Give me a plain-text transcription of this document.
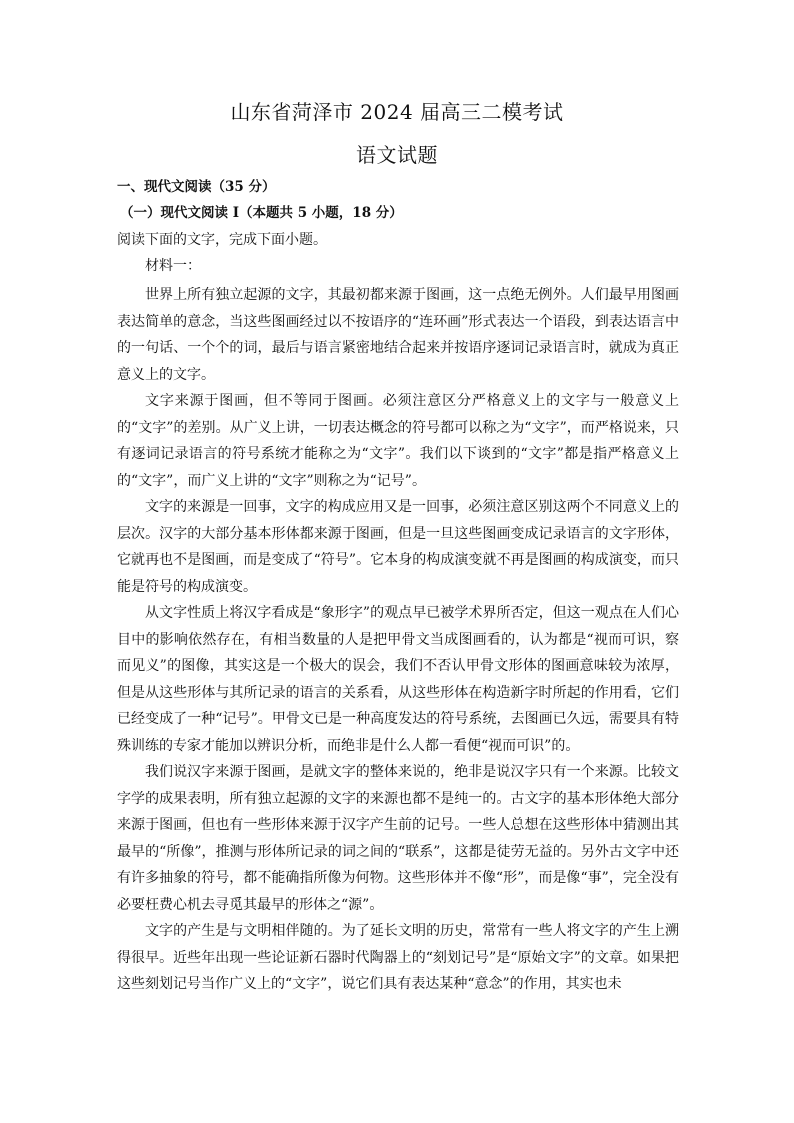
山东省菏泽市 2024 届高三二模考试
语文试题
一、现代文阅读（35 分）
（一）现代文阅读 I（本题共 5 小题，18 分）
阅读下面的文字，完成下面小题。
材料一：

世界上所有独立起源的文字，其最初都来源于图画，这一点绝无例外。人们最早用图画表达简单的意念，当这些图画经过以不按语序的“连环画”形式表达一个语段，到表达语言中的一句话、一个个的词，最后与语言紧密地结合起来并按语序逐词记录语言时，就成为真正意义上的文字。

文字来源于图画，但不等同于图画。必须注意区分严格意义上的文字与一般意义上的“文字”的差别。从广义上讲，一切表达概念的符号都可以称之为“文字”，而严格说来，只有逐词记录语言的符号系统才能称之为“文字”。我们以下谈到的“文字”都是指严格意义上的“文字”，而广义上讲的“文字”则称之为“记号”。

文字的来源是一回事，文字的构成应用又是一回事，必须注意区别这两个不同意义上的层次。汉字的大部分基本形体都来源于图画，但是一旦这些图画变成记录语言的文字形体，它就再也不是图画，而是变成了“符号”。它本身的构成演变就不再是图画的构成演变，而只能是符号的构成演变。

从文字性质上将汉字看成是“象形字”的观点早已被学术界所否定，但这一观点在人们心目中的影响依然存在，有相当数量的人是把甲骨文当成图画看的，认为都是“视而可识，察而见义”的图像，其实这是一个极大的误会，我们不否认甲骨文形体的图画意味较为浓厚，但是从这些形体与其所记录的语言的关系看，从这些形体在构造新字时所起的作用看，它们已经变成了一种“记号”。甲骨文已是一种高度发达的符号系统，去图画已久远，需要具有特殊训练的专家才能加以辨识分析，而绝非是什么人都一看便“视而可识”的。

我们说汉字来源于图画，是就文字的整体来说的，绝非是说汉字只有一个来源。比较文字学的成果表明，所有独立起源的文字的来源也都不是纯一的。古文字的基本形体绝大部分来源于图画，但也有一些形体来源于汉字产生前的记号。一些人总想在这些形体中猜测出其最早的“所像”，推测与形体所记录的词之间的“联系”，这都是徒劳无益的。另外古文字中还有许多抽象的符号，都不能确指所像为何物。这些形体并不像“形”，而是像“事”，完全没有必要枉费心机去寻觅其最早的形体之“源”。

文字的产生是与文明相伴随的。为了延长文明的历史，常常有一些人将文字的产生上溯得很早。近些年出现一些论证新石器时代陶器上的“刻划记号”是“原始文字”的文章。如果把这些刻划记号当作广义上的“文字”，说它们具有表达某种“意念”的作用，其实也未
